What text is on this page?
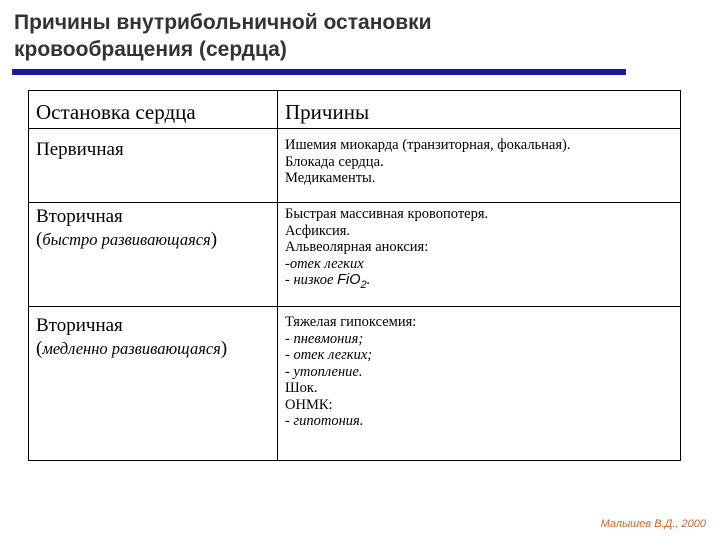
Причины внутрибольничной остановки
кровообращения (сердца)
Остановка сердца	Причины
Первичная	Ишемия миокарда (транзиторная, фокальная).
Блокада сердца.
Медикаменты.
Вторичная
(быстро развивающаяся)
Быстрая массивная кровопотеря.
Асфиксия.
Альвеолярная аноксия:
-отек легких
- низкое FiO$_2$.
Вторичная
(медленно развивающаяся)
Тяжелая гипоксемия:
- пневмония;
- отек легких;
- утопление.
Шок.
ОНМК:
- гипотония.
Малышев В.Д., 2000
